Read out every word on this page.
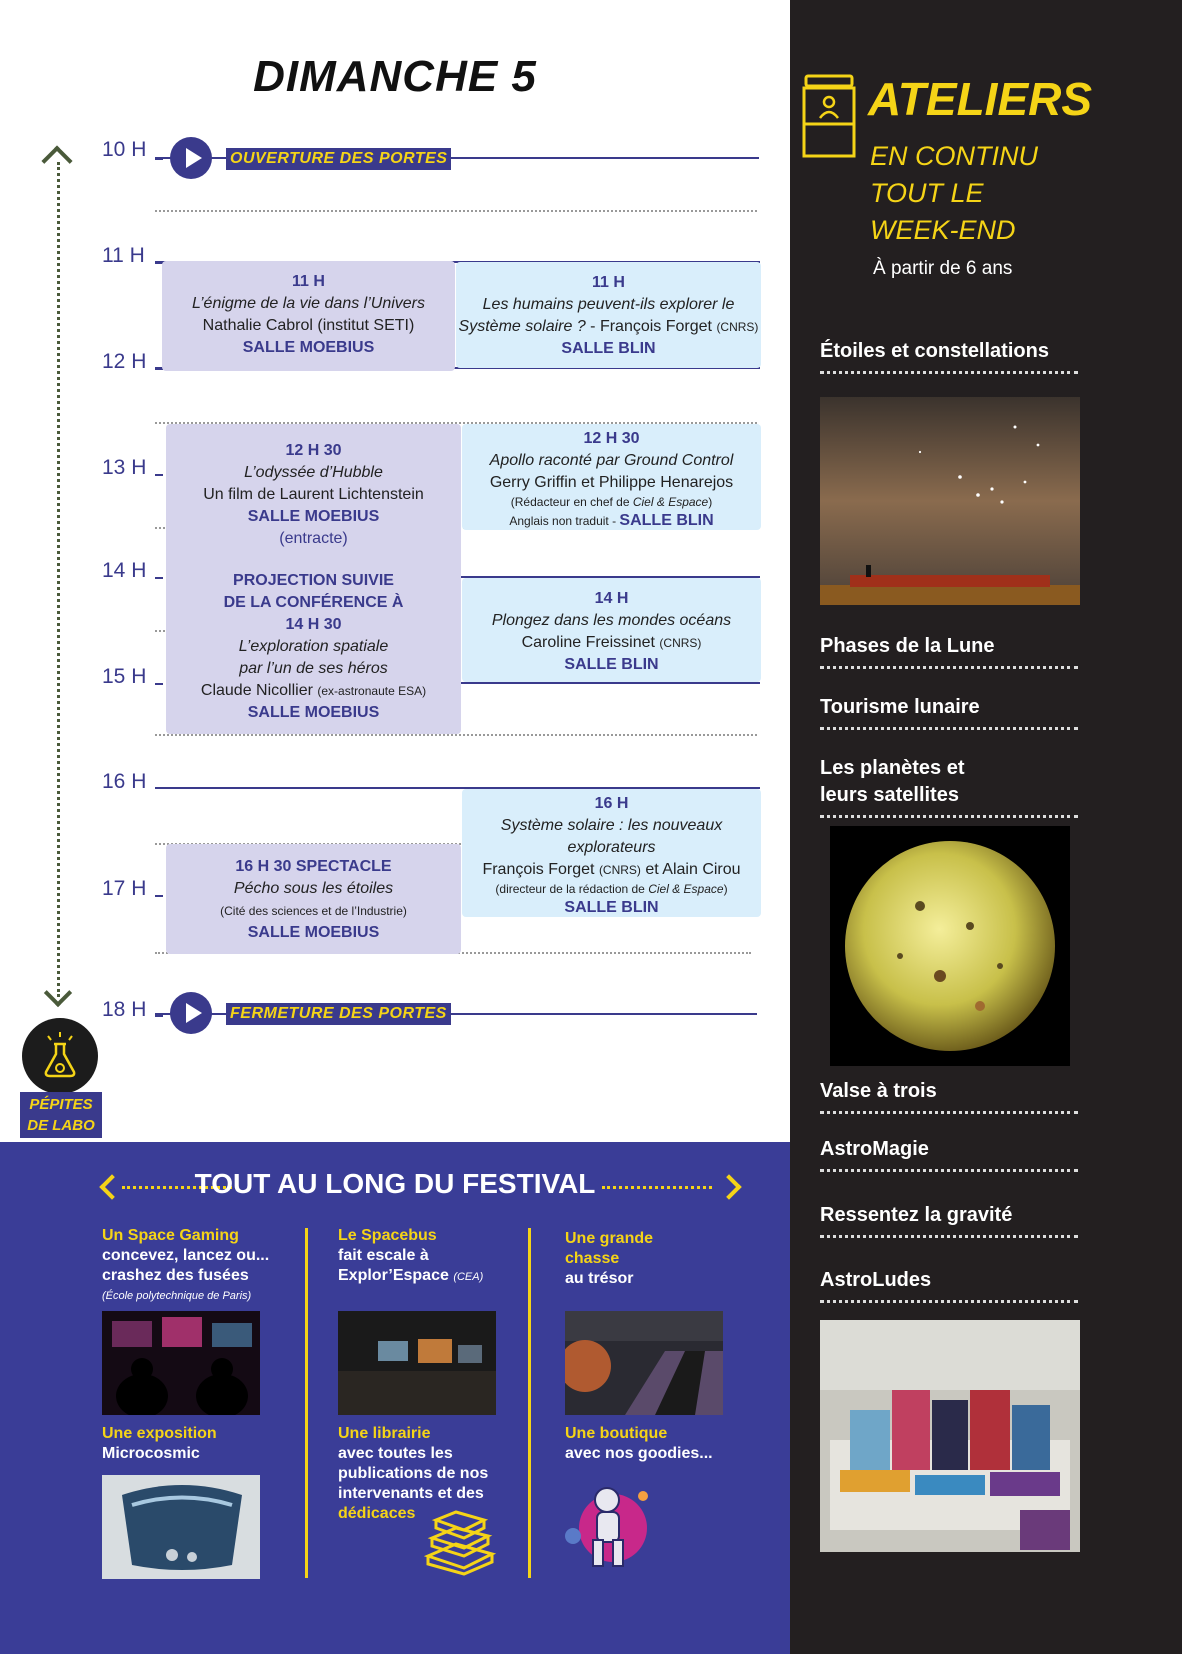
DIMANCHE 5
10 H
11 H
12 H
13 H
14 H
15 H
16 H
17 H
18 H
OUVERTURE DES PORTES
11 H
L’énigme de la vie dans l’Univers
Nathalie Cabrol (institut SETI)
SALLE MOEBIUS
11 H
Les humains peuvent-ils explorer le
Système solaire ? - François Forget (CNRS)
SALLE BLIN
12 H 30
L’odyssée d’Hubble
Un film de Laurent Lichtenstein
SALLE MOEBIUS
(entracte)
PROJECTION SUIVIE
DE LA CONFÉRENCE À
14 H 30
L’exploration spatiale
par l’un de ses héros
Claude Nicollier (ex-astronaute ESA)
SALLE MOEBIUS
12 H 30
Apollo raconté par Ground Control
Gerry Griffin et Philippe Henarejos
(Rédacteur en chef de Ciel & Espace)
Anglais non traduit - SALLE BLIN
14 H
Plongez dans les mondes océans
Caroline Freissinet (CNRS)
SALLE BLIN
16 H
Système solaire : les nouveaux
explorateurs
François Forget (CNRS) et Alain Cirou
(directeur de la rédaction de Ciel & Espace)
SALLE BLIN
16 H 30 SPECTACLE
Pécho sous les étoiles
(Cité des sciences et de l’Industrie)
SALLE MOEBIUS
FERMETURE DES PORTES
PÉPITES
DE LABO
ATELIERS
EN CONTINU
TOUT LE
WEEK-END
À partir de 6 ans
Étoiles et constellations
Phases de la Lune
Tourisme lunaire
Les planètes et
leurs satellites
Valse à trois
AstroMagie
Ressentez la gravité
AstroLudes
TOUT AU LONG DU FESTIVAL
Un Space Gaming
concevez, lancez ou...
crashez des fusées
(École polytechnique de Paris)
Une exposition
Microcosmic
Le Spacebus
fait escale à
Explor’Espace (CEA)
Une librairie
avec toutes les
publications de nos
intervenants et des
dédicaces
Une grande
chasse
au trésor
Une boutique
avec nos goodies...
